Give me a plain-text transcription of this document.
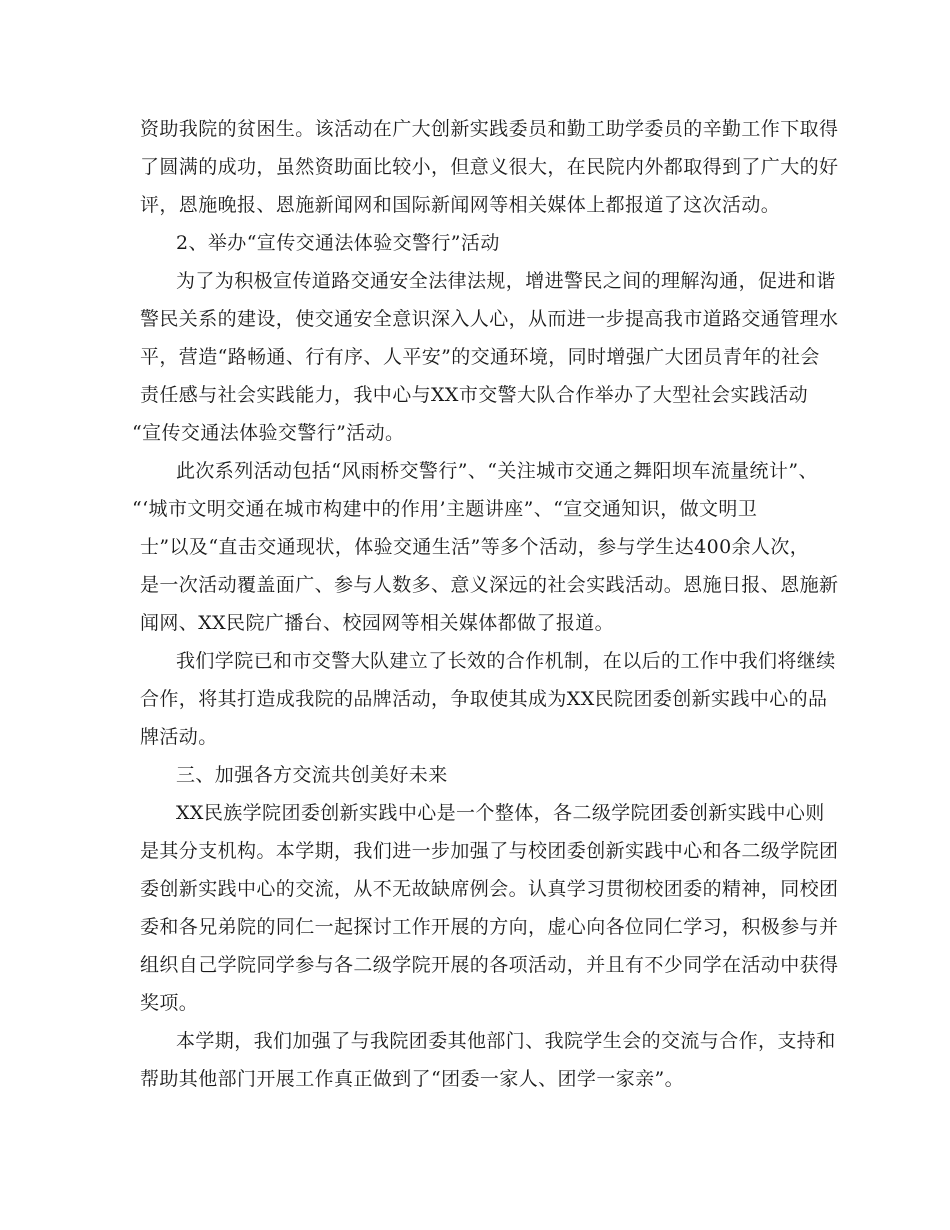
资助我院的贫困生。该活动在广大创新实践委员和勤工助学委员的辛勤工作下取得
了圆满的成功，虽然资助面比较小，但意义很大，在民院内外都取得到了广大的好
评，恩施晚报、恩施新闻网和国际新闻网等相关媒体上都报道了这次活动。
2、举办“宣传交通法体验交警行”活动
为了为积极宣传道路交通安全法律法规，增进警民之间的理解沟通，促进和谐
警民关系的建设，使交通安全意识深入人心，从而进一步提高我市道路交通管理水
平，营造“路畅通、行有序、人平安”的交通环境，同时增强广大团员青年的社会
责任感与社会实践能力，我中心与XX市交警大队合作举办了大型社会实践活动
“宣传交通法体验交警行”活动。
此次系列活动包括“风雨桥交警行”、“关注城市交通之舞阳坝车流量统计”、
“‘城市文明交通在城市构建中的作用’主题讲座”、“宣交通知识，做文明卫
士”以及“直击交通现状，体验交通生活”等多个活动，参与学生达400余人次，
是一次活动覆盖面广、参与人数多、意义深远的社会实践活动。恩施日报、恩施新
闻网、XX民院广播台、校园网等相关媒体都做了报道。
我们学院已和市交警大队建立了长效的合作机制，在以后的工作中我们将继续
合作，将其打造成我院的品牌活动，争取使其成为XX民院团委创新实践中心的品
牌活动。
三、加强各方交流共创美好未来
XX民族学院团委创新实践中心是一个整体，各二级学院团委创新实践中心则
是其分支机构。本学期，我们进一步加强了与校团委创新实践中心和各二级学院团
委创新实践中心的交流，从不无故缺席例会。认真学习贯彻校团委的精神，同校团
委和各兄弟院的同仁一起探讨工作开展的方向，虚心向各位同仁学习，积极参与并
组织自己学院同学参与各二级学院开展的各项活动，并且有不少同学在活动中获得
奖项。
本学期，我们加强了与我院团委其他部门、我院学生会的交流与合作，支持和
帮助其他部门开展工作真正做到了“团委一家人、团学一家亲”。
